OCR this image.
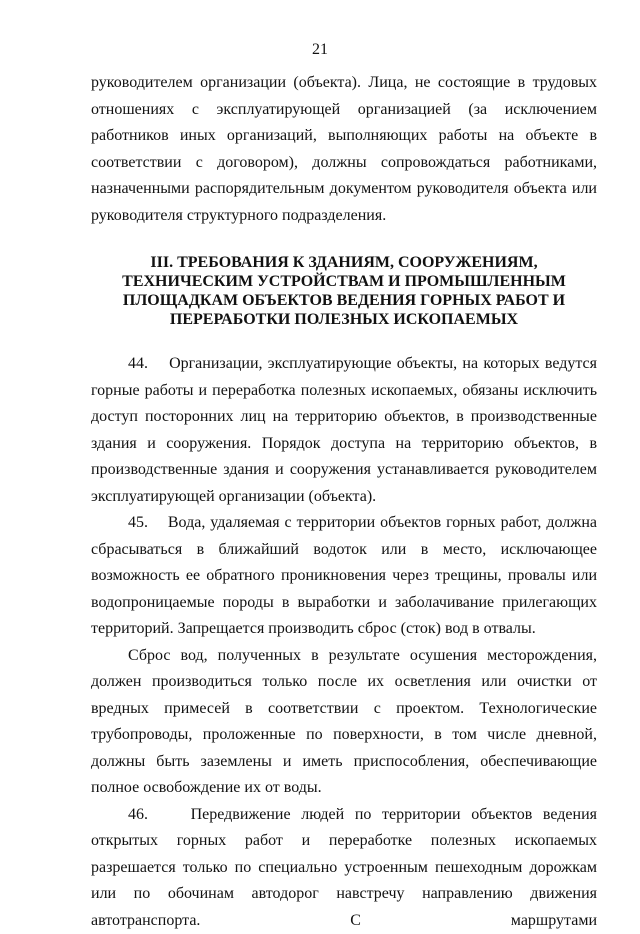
21

руководителем организации (объекта). Лица, не состоящие в трудовых отношениях с эксплуатирующей организацией (за исключением работников иных организаций, выполняющих работы на объекте в соответствии с договором), должны сопровождаться работниками, назначенными распорядительным документом руководителя объекта или руководителя структурного подразделения.

III. ТРЕБОВАНИЯ К ЗДАНИЯМ, СООРУЖЕНИЯМ, ТЕХНИЧЕСКИМ УСТРОЙСТВАМ И ПРОМЫШЛЕННЫМ ПЛОЩАДКАМ ОБЪЕКТОВ ВЕДЕНИЯ ГОРНЫХ РАБОТ И ПЕРЕРАБОТКИ ПОЛЕЗНЫХ ИСКОПАЕМЫХ

44.    Организации, эксплуатирующие объекты, на которых ведутся горные работы и переработка полезных ископаемых, обязаны исключить доступ посторонних лиц на территорию объектов, в производственные здания и сооружения. Порядок доступа на территорию объектов, в производственные здания и сооружения устанавливается руководителем эксплуатирующей организации (объекта).

45.    Вода, удаляемая с территории объектов горных работ, должна сбрасываться в ближайший водоток или в место, исключающее возможность ее обратного проникновения через трещины, провалы или водопроницаемые породы в выработки и заболачивание прилегающих территорий. Запрещается производить сброс (сток) вод в отвалы.

Сброс вод, полученных в результате осушения месторождения, должен производиться только после их осветления или очистки от вредных примесей в соответствии с проектом. Технологические трубопроводы, проложенные по поверхности, в том числе дневной, должны быть заземлены и иметь приспособления, обеспечивающие полное освобождение их от воды.

46.    Передвижение людей по территории объектов ведения открытых горных работ и переработке полезных ископаемых разрешается только по специально устроенным пешеходным дорожкам или по обочинам автодорог навстречу направлению движения автотранспорта. С маршрутами
